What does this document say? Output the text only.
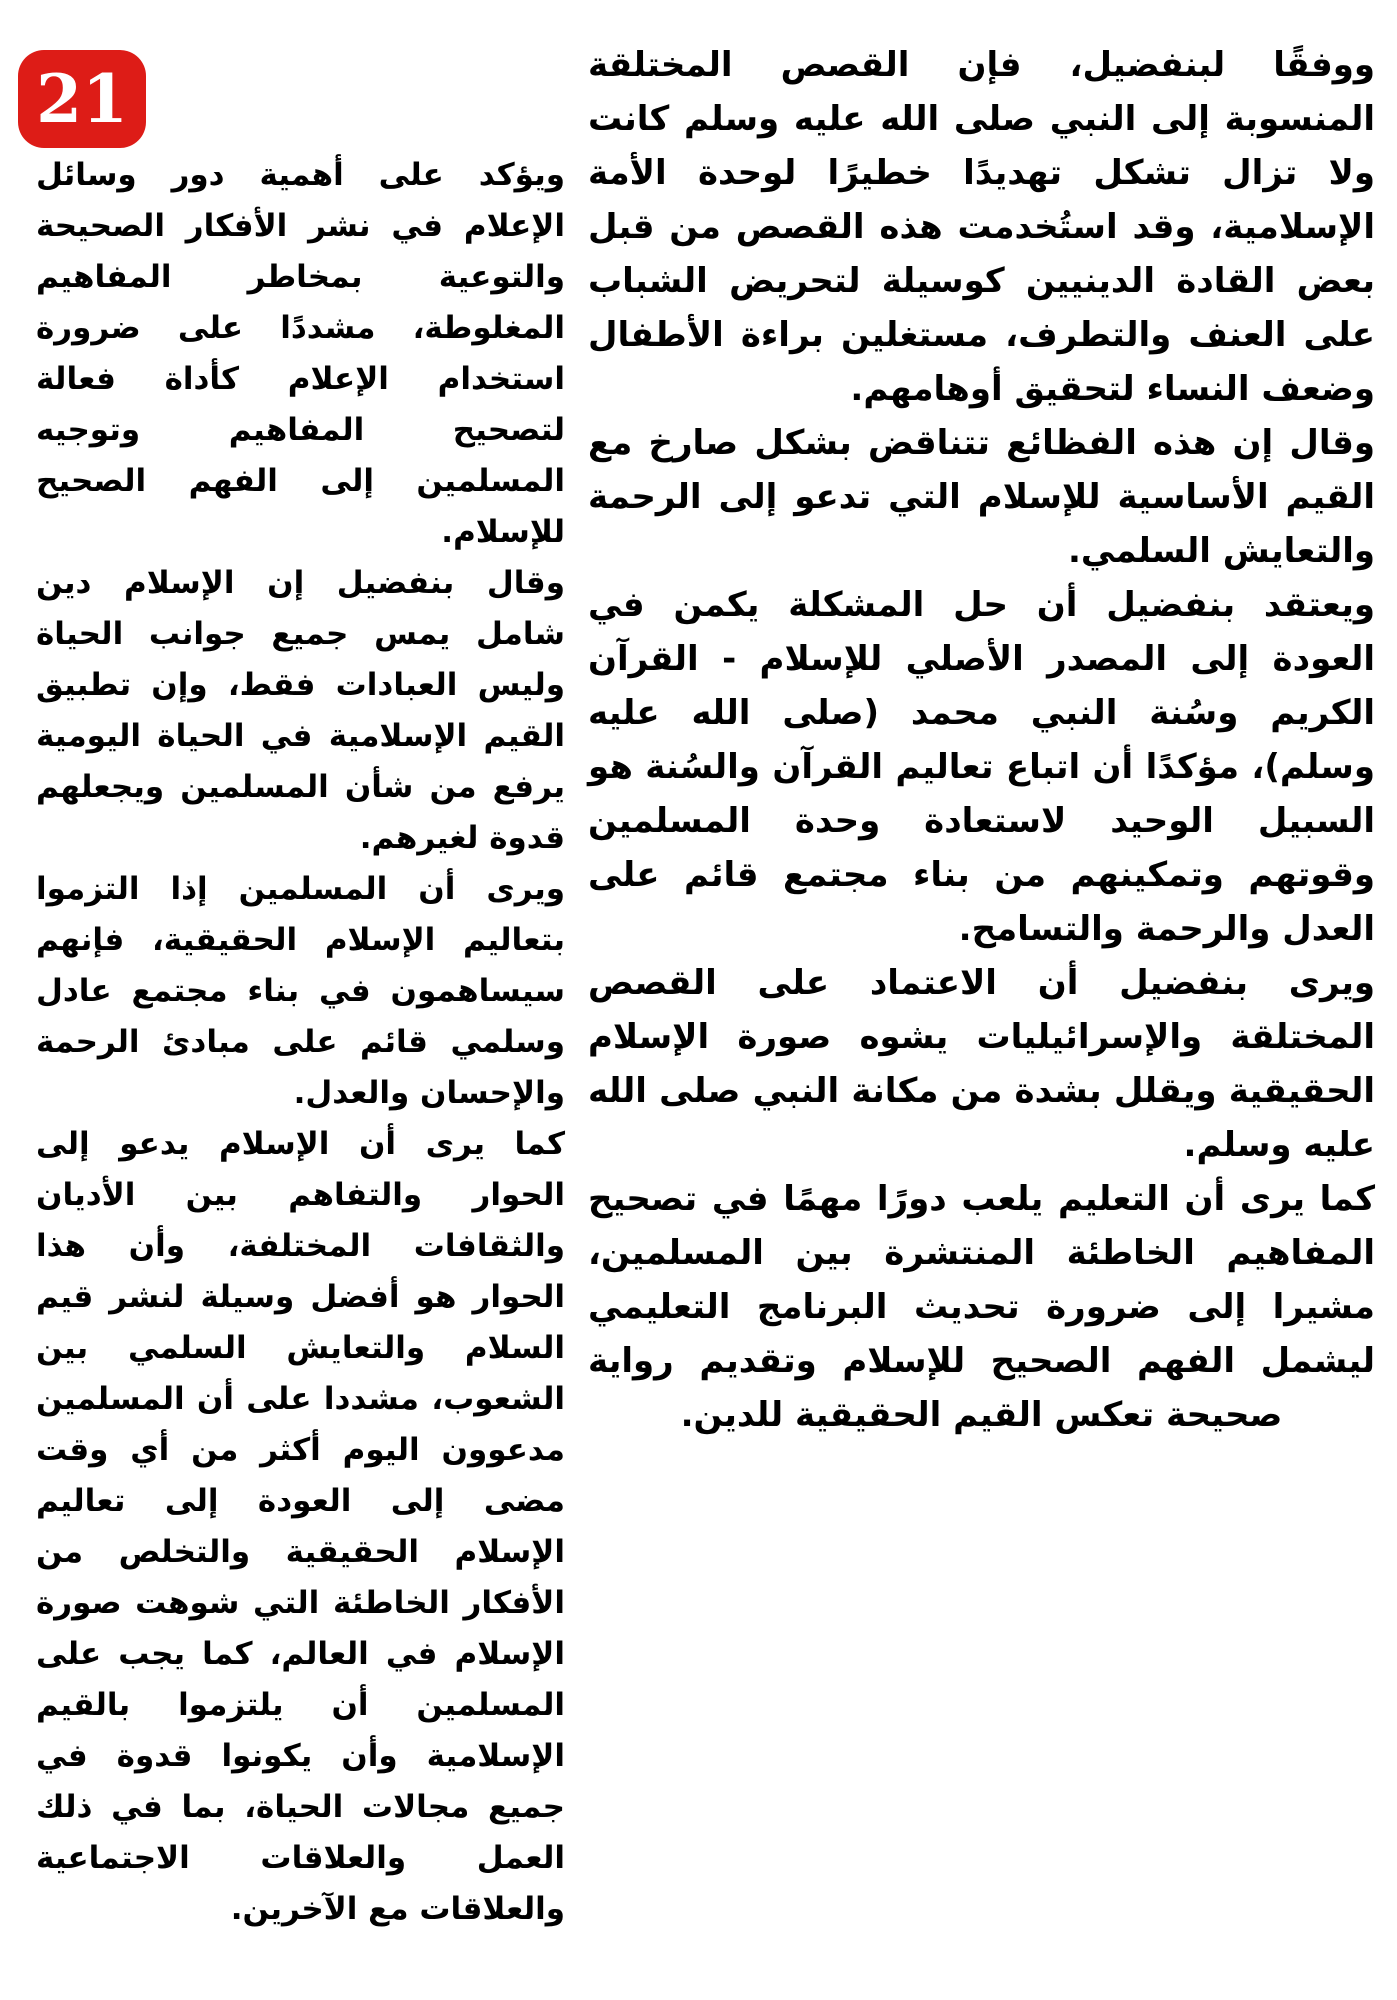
21	ووفقًا لبنفضيل، فإن القصص المختلقة المنسوبة إلى النبي صلى الله عليه وسلم كانت ولا تزال تشكل تهديدًا خطيرًا لوحدة الأمة الإسلامية، وقد استُخدمت هذه القصص من قبل بعض القادة الدينيين كوسيلة لتحريض الشباب على العنف والتطرف، مستغلين براءة الأطفال وضعف النساء لتحقيق أوهامهم.

وقال إن هذه الفظائع تتناقض بشكل صارخ مع القيم الأساسية للإسلام التي تدعو إلى الرحمة والتعايش السلمي.

ويعتقد بنفضيل أن حل المشكلة يكمن في العودة إلى المصدر الأصلي للإسلام - القرآن الكريم وسُنة النبي محمد (صلى الله عليه وسلم)، مؤكدًا أن اتباع تعاليم القرآن والسُنة هو السبيل الوحيد لاستعادة وحدة المسلمين وقوتهم وتمكينهم من بناء مجتمع قائم على العدل والرحمة والتسامح.

ويرى بنفضيل أن الاعتماد على القصص المختلقة والإسرائيليات يشوه صورة الإسلام الحقيقية ويقلل بشدة من مكانة النبي صلى الله عليه وسلم.

كما يرى أن التعليم يلعب دورًا مهمًا في تصحيح المفاهيم الخاطئة المنتشرة بين المسلمين، مشيرا إلى ضرورة تحديث البرنامج التعليمي ليشمل الفهم الصحيح للإسلام وتقديم رواية صحيحة تعكس القيم الحقيقية للدين.

ويؤكد على أهمية دور وسائل الإعلام في نشر الأفكار الصحيحة والتوعية بمخاطر المفاهيم المغلوطة، مشددًا على ضرورة استخدام الإعلام كأداة فعالة لتصحيح المفاهيم وتوجيه المسلمين إلى الفهم الصحيح للإسلام.

وقال بنفضيل إن الإسلام دين شامل يمس جميع جوانب الحياة وليس العبادات فقط، وإن تطبيق القيم الإسلامية في الحياة اليومية يرفع من شأن المسلمين ويجعلهم قدوة لغيرهم.

ويرى أن المسلمين إذا التزموا بتعاليم الإسلام الحقيقية، فإنهم سيساهمون في بناء مجتمع عادل وسلمي قائم على مبادئ الرحمة والإحسان والعدل.

كما يرى أن الإسلام يدعو إلى الحوار والتفاهم بين الأديان والثقافات المختلفة، وأن هذا الحوار هو أفضل وسيلة لنشر قيم السلام والتعايش السلمي بين الشعوب، مشددا على أن المسلمين مدعوون اليوم أكثر من أي وقت مضى إلى العودة إلى تعاليم الإسلام الحقيقية والتخلص من الأفكار الخاطئة التي شوهت صورة الإسلام في العالم، كما يجب على المسلمين أن يلتزموا بالقيم الإسلامية وأن يكونوا قدوة في جميع مجالات الحياة، بما في ذلك العمل والعلاقات الاجتماعية والعلاقات مع الآخرين.
